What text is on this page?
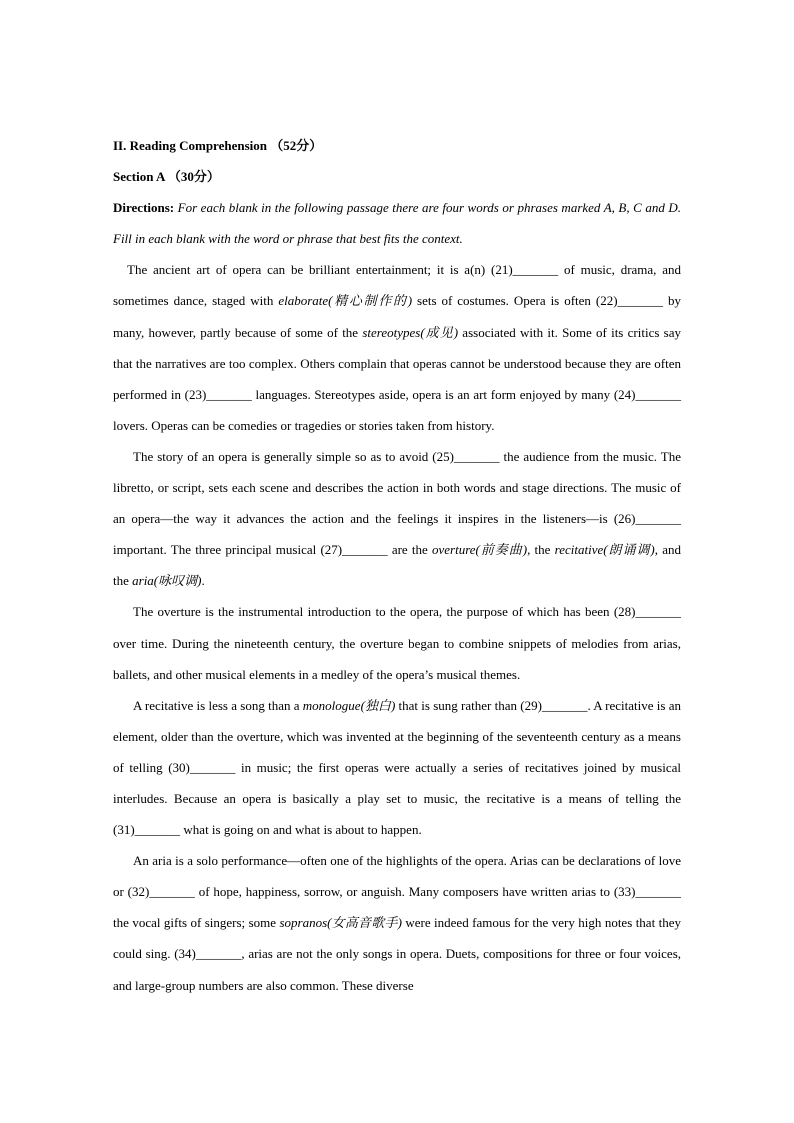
II. Reading Comprehension （52分）

Section A （30分）

Directions: For each blank in the following passage there are four words or phrases marked A, B, C and D. Fill in each blank with the word or phrase that best fits the context.

The ancient art of opera can be brilliant entertainment; it is a(n) (21)_______ of music, drama, and sometimes dance, staged with elaborate(精心制作的) sets of costumes. Opera is often (22)_______ by many, however, partly because of some of the stereotypes(成见) associated with it. Some of its critics say that the narratives are too complex. Others complain that operas cannot be understood because they are often performed in (23)_______ languages. Stereotypes aside, opera is an art form enjoyed by many (24)_______ lovers. Operas can be comedies or tragedies or stories taken from history.

The story of an opera is generally simple so as to avoid (25)_______ the audience from the music. The libretto, or script, sets each scene and describes the action in both words and stage directions. The music of an opera—the way it advances the action and the feelings it inspires in the listeners—is (26)_______ important. The three principal musical (27)_______ are the overture(前奏曲), the recitative(朗诵调), and the aria(咏叹调).

The overture is the instrumental introduction to the opera, the purpose of which has been (28)_______ over time. During the nineteenth century, the overture began to combine snippets of melodies from arias, ballets, and other musical elements in a medley of the opera’s musical themes.

A recitative is less a song than a monologue(独白) that is sung rather than (29)_______. A recitative is an element, older than the overture, which was invented at the beginning of the seventeenth century as a means of telling (30)_______ in music; the first operas were actually a series of recitatives joined by musical interludes. Because an opera is basically a play set to music, the recitative is a means of telling the (31)_______ what is going on and what is about to happen.

An aria is a solo performance—often one of the highlights of the opera. Arias can be declarations of love or (32)_______ of hope, happiness, sorrow, or anguish. Many composers have written arias to (33)_______ the vocal gifts of singers; some sopranos(女高音歌手) were indeed famous for the very high notes that they could sing. (34)_______, arias are not the only songs in opera. Duets, compositions for three or four voices, and large-group numbers are also common. These diverse
